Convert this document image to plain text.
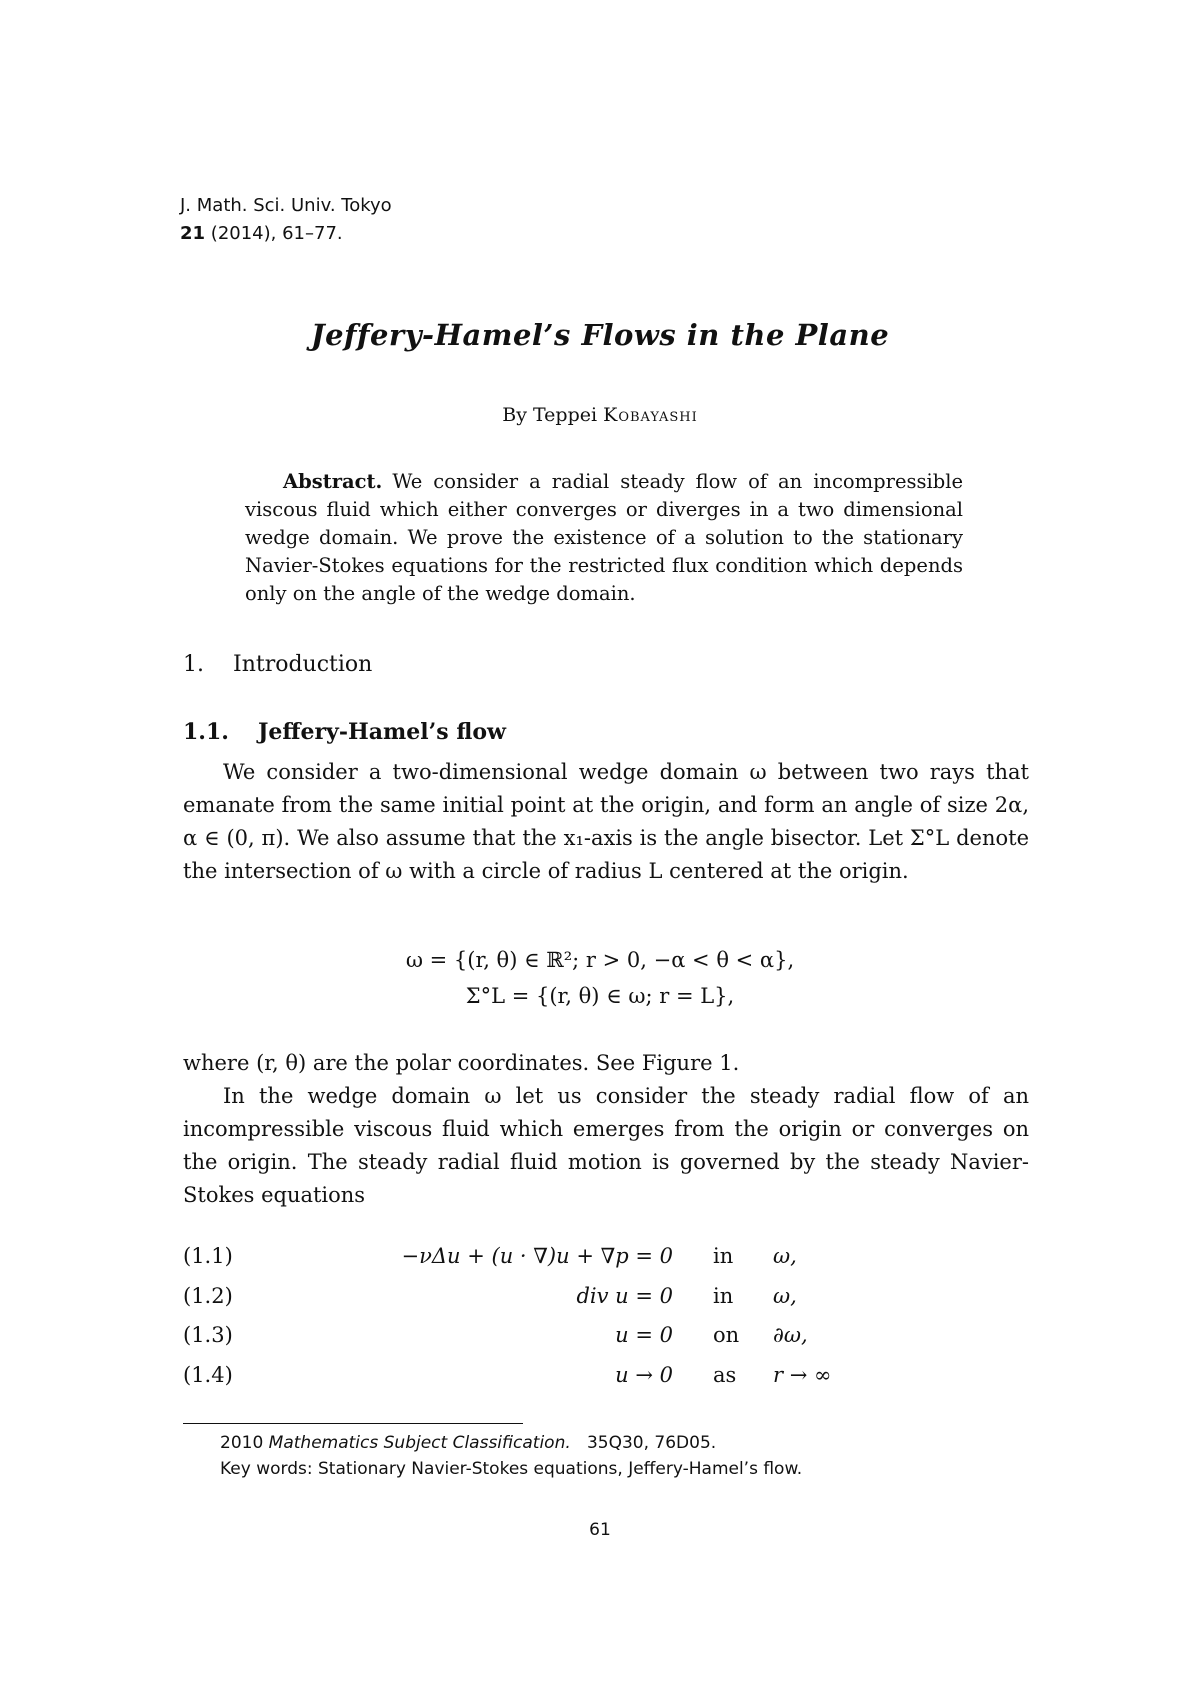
J. Math. Sci. Univ. Tokyo
21 (2014), 61–77.
Jeffery-Hamel’s Flows in the Plane
By Teppei Kobayashi
Abstract. We consider a radial steady flow of an incompressible viscous fluid which either converges or diverges in a two dimensional wedge domain. We prove the existence of a solution to the stationary Navier-Stokes equations for the restricted flux condition which depends only on the angle of the wedge domain.
1. Introduction
1.1. Jeffery-Hamel’s flow
We consider a two-dimensional wedge domain ω between two rays that emanate from the same initial point at the origin, and form an angle of size 2α, α ∈ (0, π). We also assume that the x₁-axis is the angle bisector. Let Σ°L denote the intersection of ω with a circle of radius L centered at the origin.
ω = {(r, θ) ∈ ℝ²; r > 0, −α < θ < α},
Σ°L = {(r, θ) ∈ ω; r = L},
where (r, θ) are the polar coordinates. See Figure 1.
In the wedge domain ω let us consider the steady radial flow of an incompressible viscous fluid which emerges from the origin or converges on the origin. The steady radial fluid motion is governed by the steady Navier-Stokes equations
(1.1)	−νΔu + (u · ∇)u + ∇p = 0 in ω,
(1.2)	div u = 0 in ω,
(1.3)	u = 0 on ∂ω,
(1.4)	u → 0 as r → ∞
2010 Mathematics Subject Classification. 35Q30, 76D05.
Key words: Stationary Navier-Stokes equations, Jeffery-Hamel’s flow.
61
